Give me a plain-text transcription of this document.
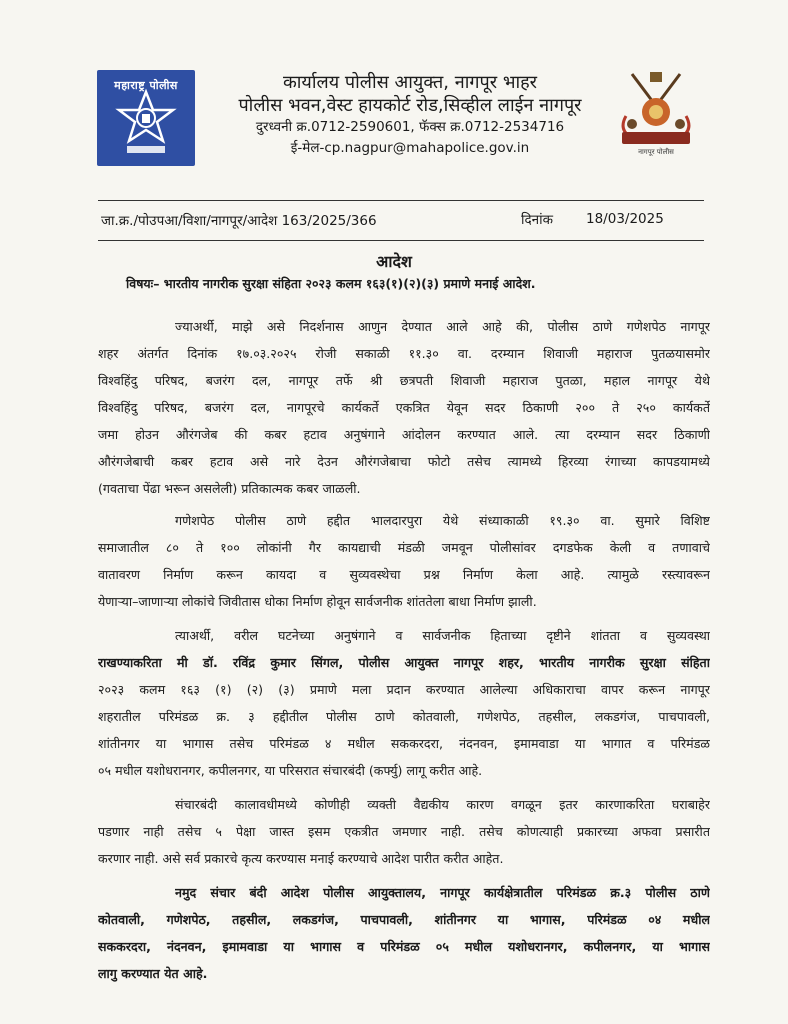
महाराष्ट्र पोलीस	कार्यालय पोलीस आयुक्त, नागपूर भाहर
पोलीस भवन,वेस्ट हायकोर्ट रोड,सिव्हील लाईन नागपूर
दुरध्वनी क्र.0712-2590601, फॅक्स क्र.0712-2534716
ई-मेल-cp.nagpur@mahapolice.gov.in	नागपूर पोलीस
जा.क्र./पोउपआ/विशा/नागपूर/आदेश 163/2025/366	दिनांक 18/03/2025
आदेश
विषयः– भारतीय नागरीक सुरक्षा संहिता २०२३ कलम १६३(१)(२)(३) प्रमाणे मनाई आदेश.
ज्याअर्थी, माझे असे निदर्शनास आणुन देण्यात आले आहे की, पोलीस ठाणे गणेशपेठ नागपूर
शहर अंतर्गत दिनांक १७.०३.२०२५ रोजी सकाळी ११.३० वा. दरम्यान शिवाजी महाराज पुतळयासमोर
विश्वहिंदु परिषद, बजरंग दल, नागपूर तर्फे श्री छत्रपती शिवाजी महाराज पुतळा, महाल नागपूर येथे
विश्वहिंदु परिषद, बजरंग दल, नागपूरचे कार्यकर्ते एकत्रित येवून सदर ठिकाणी २०० ते २५० कार्यकर्ते
जमा होउन औरंगजेब की कबर हटाव अनुषंगाने आंदोलन करण्यात आले. त्या दरम्यान सदर ठिकाणी
औरंगजेबाची कबर हटाव असे नारे देउन औरंगजेबाचा फोटो तसेच त्यामध्ये हिरव्या रंगाच्या कापडयामध्ये
(गवताचा पेंढा भरून असलेली) प्रतिकात्मक कबर जाळली.
गणेशपेठ पोलीस ठाणे हद्दीत भालदारपुरा येथे संध्याकाळी १९.३० वा. सुमारे विशिष्ट
समाजातील ८० ते १०० लोकांनी गैर कायद्याची मंडळी जमवून पोलीसांवर दगडफेक केली व तणावाचे
वातावरण निर्माण करून कायदा व सुव्यवस्थेचा प्रश्न निर्माण केला आहे. त्यामुळे रस्त्यावरून
येणाऱ्या–जाणाऱ्या लोकांचे जिवीतास धोका निर्माण होवून सार्वजनीक शांततेला बाधा निर्माण झाली.
त्याअर्थी, वरील घटनेच्या अनुषंगाने व सार्वजनीक हिताच्या दृष्टीने शांतता व सुव्यवस्था
राखण्याकरिता मी डॉ. रविंद्र कुमार सिंगल, पोलीस आयुक्त नागपूर शहर, भारतीय नागरीक सुरक्षा संहिता
२०२३ कलम १६३ (१) (२) (३) प्रमाणे मला प्रदान करण्यात आलेल्या अधिकाराचा वापर करून नागपूर
शहरातील परिमंडळ क्र. ३ हद्दीतील पोलीस ठाणे कोतवाली, गणेशपेठ, तहसील, लकडगंज, पाचपावली,
शांतीनगर या भागास तसेच परिमंडळ ४ मधील सककरदरा, नंदनवन, इमामवाडा या भागात व परिमंडळ
०५ मधील यशोधरानगर, कपीलनगर, या परिसरात संचारबंदी (कर्फ्यु) लागू करीत आहे.
संचारबंदी कालावधीमध्ये कोणीही व्यक्ती वैद्यकीय कारण वगळून इतर कारणाकरिता घराबाहेर
पडणार नाही तसेच ५ पेक्षा जास्त इसम एकत्रीत जमणार नाही. तसेच कोणत्याही प्रकारच्या अफवा प्रसारीत
करणार नाही. असे सर्व प्रकारचे कृत्य करण्यास मनाई करण्याचे आदेश पारीत करीत आहेत.
नमुद संचार बंदी आदेश पोलीस आयुक्तालय, नागपूर कार्यक्षेत्रातील परिमंडळ क्र.३ पोलीस ठाणे
कोतवाली, गणेशपेठ, तहसील, लकडगंज, पाचपावली, शांतीनगर या भागास, परिमंडळ ०४ मधील
सककरदरा, नंदनवन, इमामवाडा या भागास व परिमंडळ ०५ मधील यशोधरानगर, कपीलनगर, या भागास
लागु करण्यात येत आहे.
